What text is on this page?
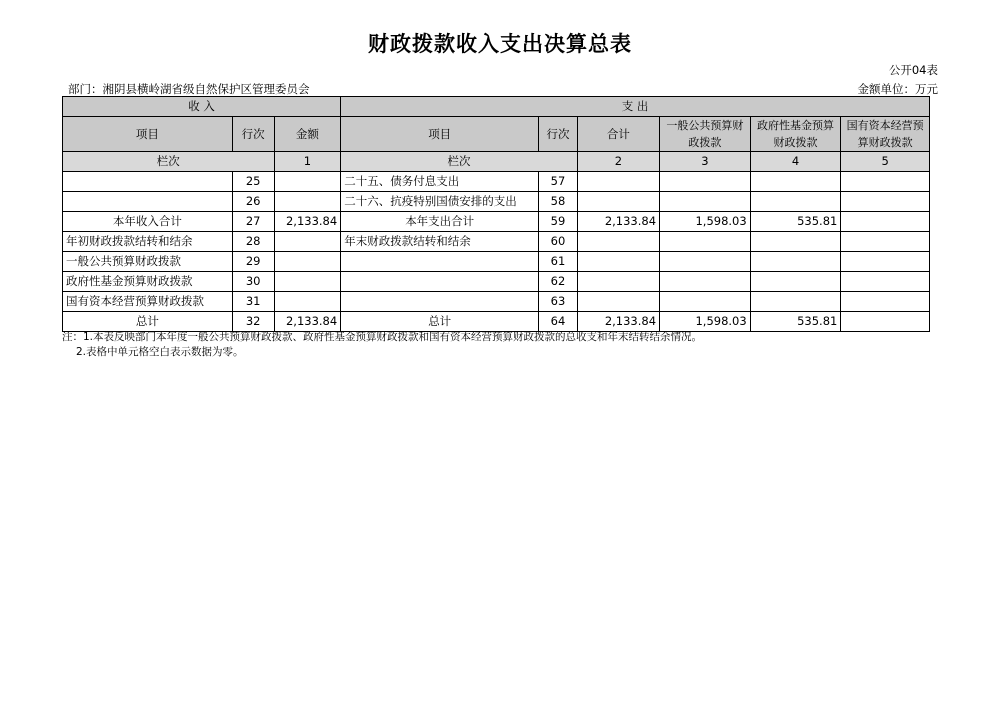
财政拨款收入支出决算总表
公开04表
部门：湘阴县横岭湖省级自然保护区管理委员会	金额单位：万元
收 入			支 出					
项目	行次	金额	项目	行次	合计	一般公共预算财政拨款	政府性基金预算财政拨款	国有资本经营预算财政拨款
栏次		1	栏次		2	3	4	5
	25		二十五、债务付息支出	57				
	26		二十六、抗疫特别国债安排的支出	58				
本年收入合计	27	2,133.84	本年支出合计	59	2,133.84	1,598.03	535.81	
年初财政拨款结转和结余	28		年末财政拨款结转和结余	60				
一般公共预算财政拨款	29			61				
政府性基金预算财政拨款	30			62				
国有资本经营预算财政拨款	31			63				
总计	32	2,133.84	总计	64	2,133.84	1,598.03	535.81	
注：1.本表反映部门本年度一般公共预算财政拨款、政府性基金预算财政拨款和国有资本经营预算财政拨款的总收支和年末结转结余情况。
2.表格中单元格空白表示数据为零。
